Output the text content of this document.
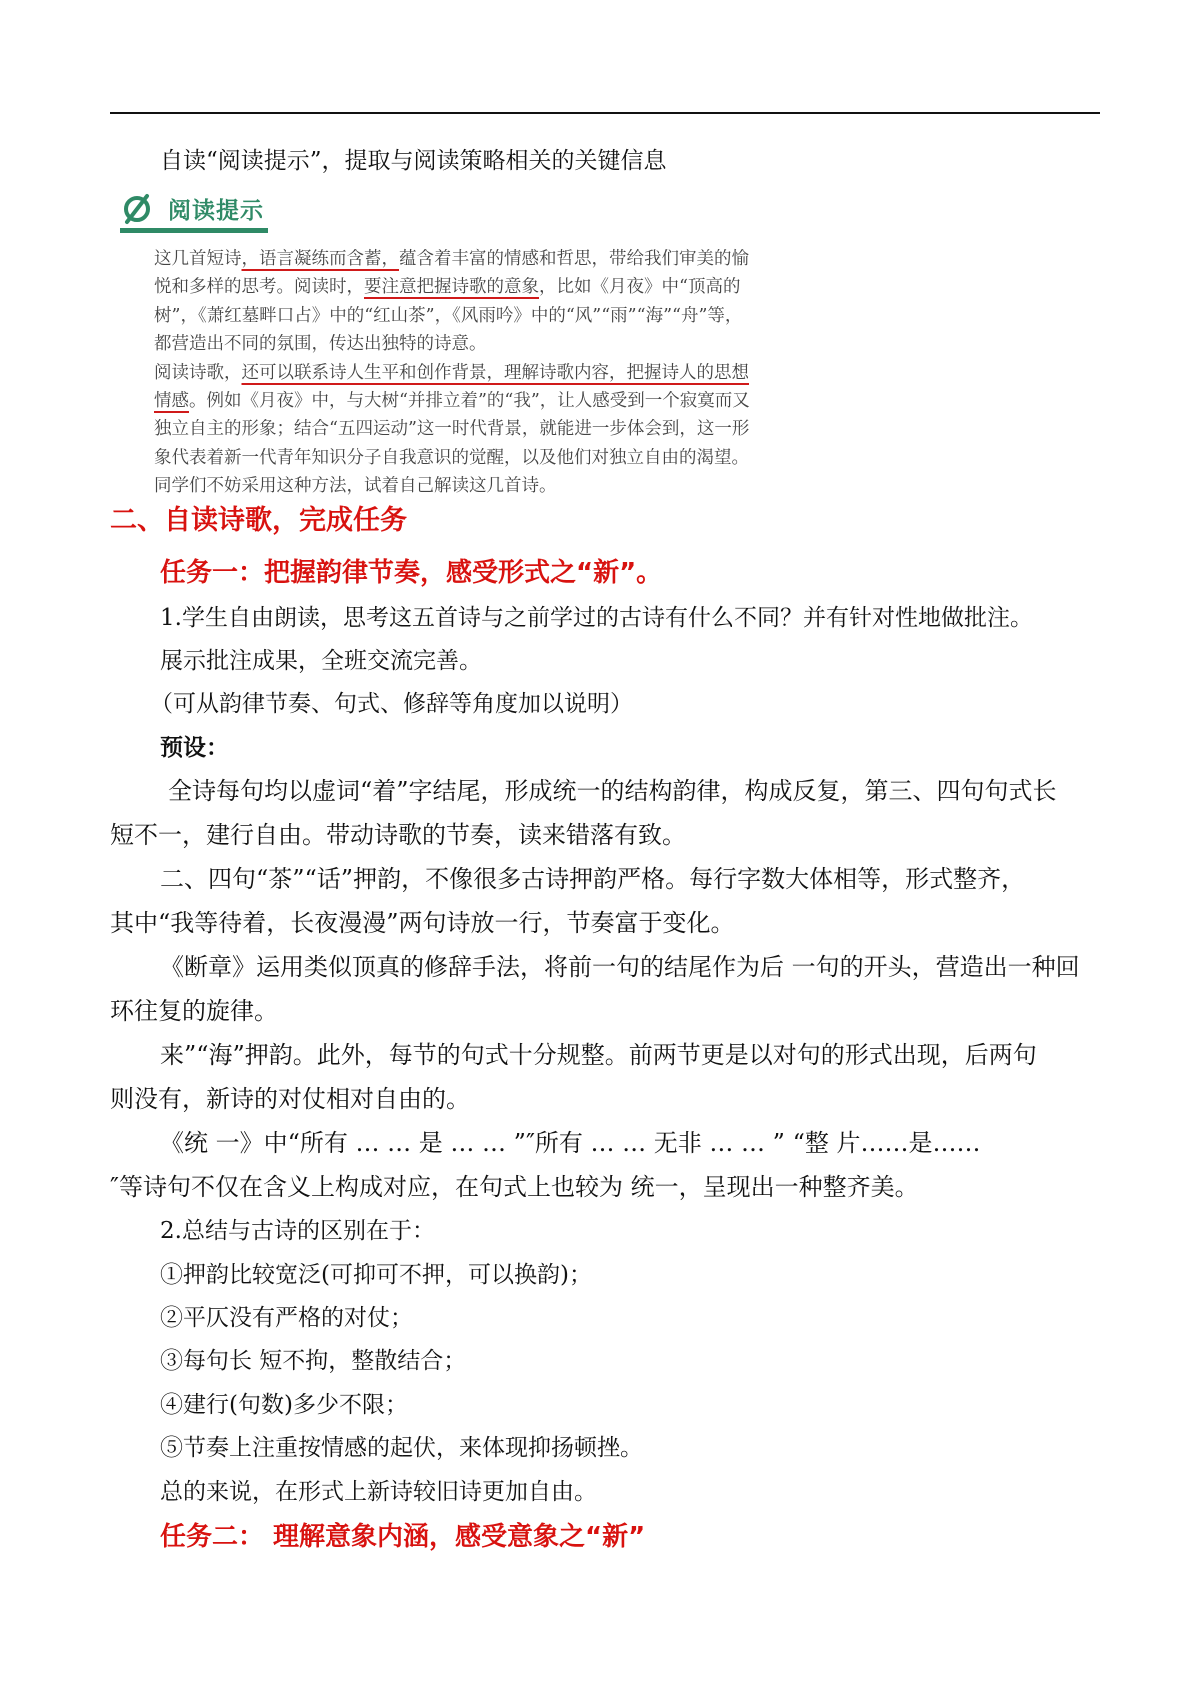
自读“阅读提示”，提取与阅读策略相关的关键信息
阅读提示

这几首短诗，语言凝练而含蓄，蕴含着丰富的情感和哲思，带给我们审美的愉悦和多样的思考。阅读时，要注意把握诗歌的意象，比如《月夜》中“顶高的树”，《萧红墓畔口占》中的“红山茶”，《风雨吟》中的“风”“雨”“海”“舟”等，都营造出不同的氛围，传达出独特的诗意。

阅读诗歌，还可以联系诗人生平和创作背景，理解诗歌内容，把握诗人的思想情感。例如《月夜》中，与大树“并排立着”的“我”，让人感受到一个寂寞而又独立自主的形象；结合“五四运动”这一时代背景，就能进一步体会到，这一形象代表着新一代青年知识分子自我意识的觉醒，以及他们对独立自由的渴望。同学们不妨采用这种方法，试着自己解读这几首诗。

二、自读诗歌，完成任务
任务一：把握韵律节奏，感受形式之“新”。
1.学生自由朗读，思考这五首诗与之前学过的古诗有什么不同？并有针对性地做批注。
展示批注成果，全班交流完善。
（可从韵律节奏、句式、修辞等角度加以说明）
预设：
全诗每句均以虚词“着”字结尾，形成统一的结构韵律，构成反复，第三、四句句式长
短不一，建行自由。带动诗歌的节奏，读来错落有致。
二、四句“茶”“话”押韵，不像很多古诗押韵严格。每行字数大体相等，形式整齐，
其中“我等待着，长夜漫漫”两句诗放一行，节奏富于变化。
《断章》运用类似顶真的修辞手法，将前一句的结尾作为后 一句的开头，营造出一种回
环往复的旋律。
来”“海”押韵。此外，每节的句式十分规整。前两节更是以对句的形式出现，后两句
则没有，新诗的对仗相对自由的。
《统 一》中“所有 … … 是 … … ”″所有 … … 无非 … … ” “整 片……是……
″等诗句不仅在含义上构成对应，在句式上也较为 统一，呈现出一种整齐美。
2.总结与古诗的区别在于：
①押韵比较宽泛(可抑可不押，可以换韵)；
②平仄没有严格的对仗；
③每句长 短不拘，整散结合；
④建行(句数)多少不限；
⑤节奏上注重按情感的起伏，来体现抑扬顿挫。
总的来说，在形式上新诗较旧诗更加自由。
任务二： 理解意象内涵，感受意象之“新”
